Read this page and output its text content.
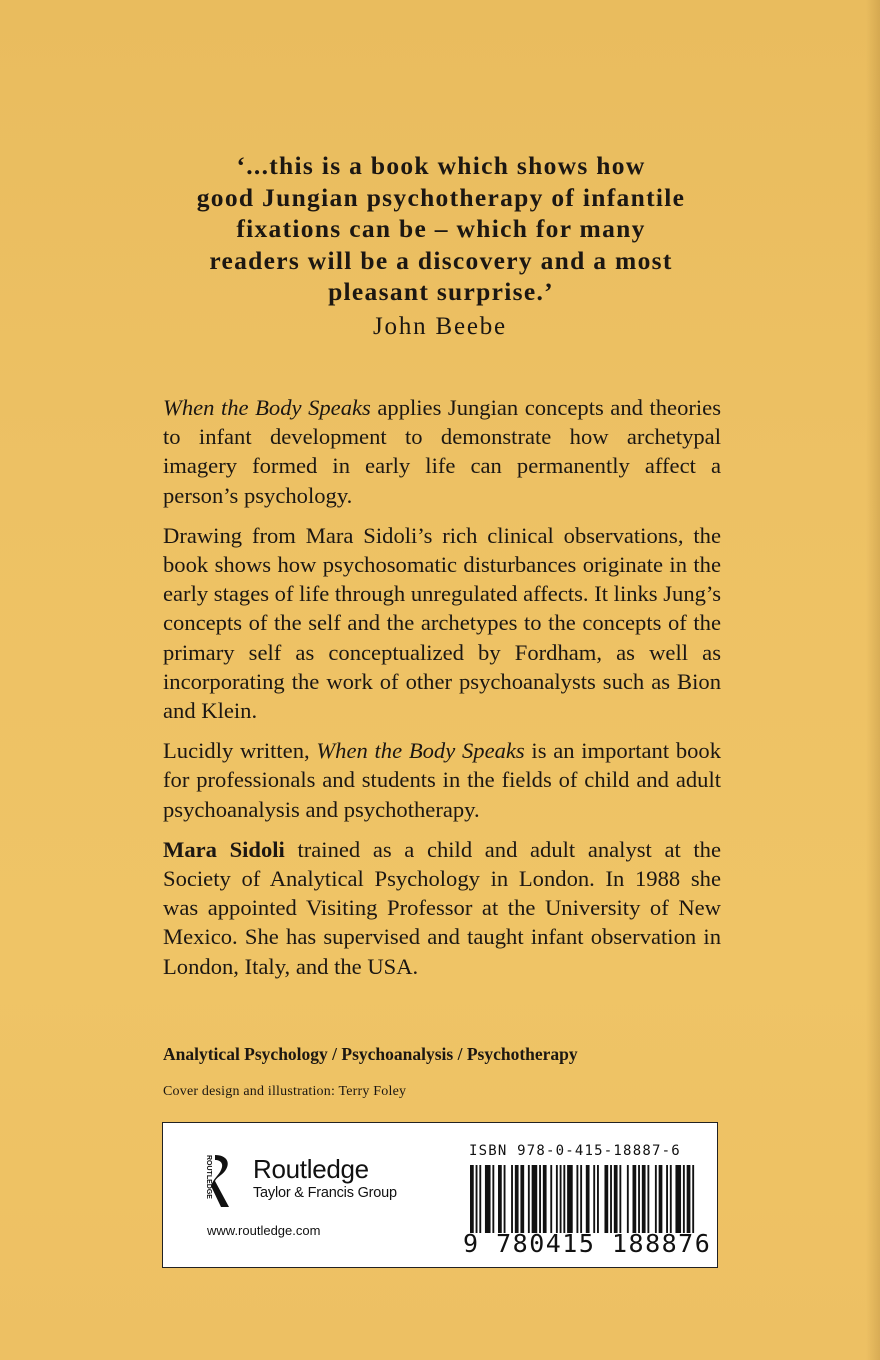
‘...this is a book which shows how
good Jungian psychotherapy of infantile
fixations can be – which for many
readers will be a discovery and a most
pleasant surprise.’
John Beebe

When the Body Speaks applies Jungian concepts and theories to infant development to demonstrate how archetypal imagery formed in early life can permanently affect a person’s psychology.

Drawing from Mara Sidoli’s rich clinical observations, the book shows how psychosomatic disturbances originate in the early stages of life through unregulated affects. It links Jung’s concepts of the self and the archetypes to the concepts of the primary self as conceptualized by Fordham, as well as incorporating the work of other psychoanalysts such as Bion and Klein.

Lucidly written, When the Body Speaks is an important book for professionals and students in the fields of child and adult psychoanalysis and psychotherapy.

Mara Sidoli trained as a child and adult analyst at the Society of Analytical Psychology in London. In 1988 she was appointed Visiting Professor at the University of New Mexico. She has supervised and taught infant observation in London, Italy, and the USA.

Analytical Psychology / Psychoanalysis / Psychotherapy
Cover design and illustration: Terry Foley
ROUTLEDGE Routledge
Taylor & Francis Group
www.routledge.com
ISBN 978-0-415-18887-6
9 780415 188876
